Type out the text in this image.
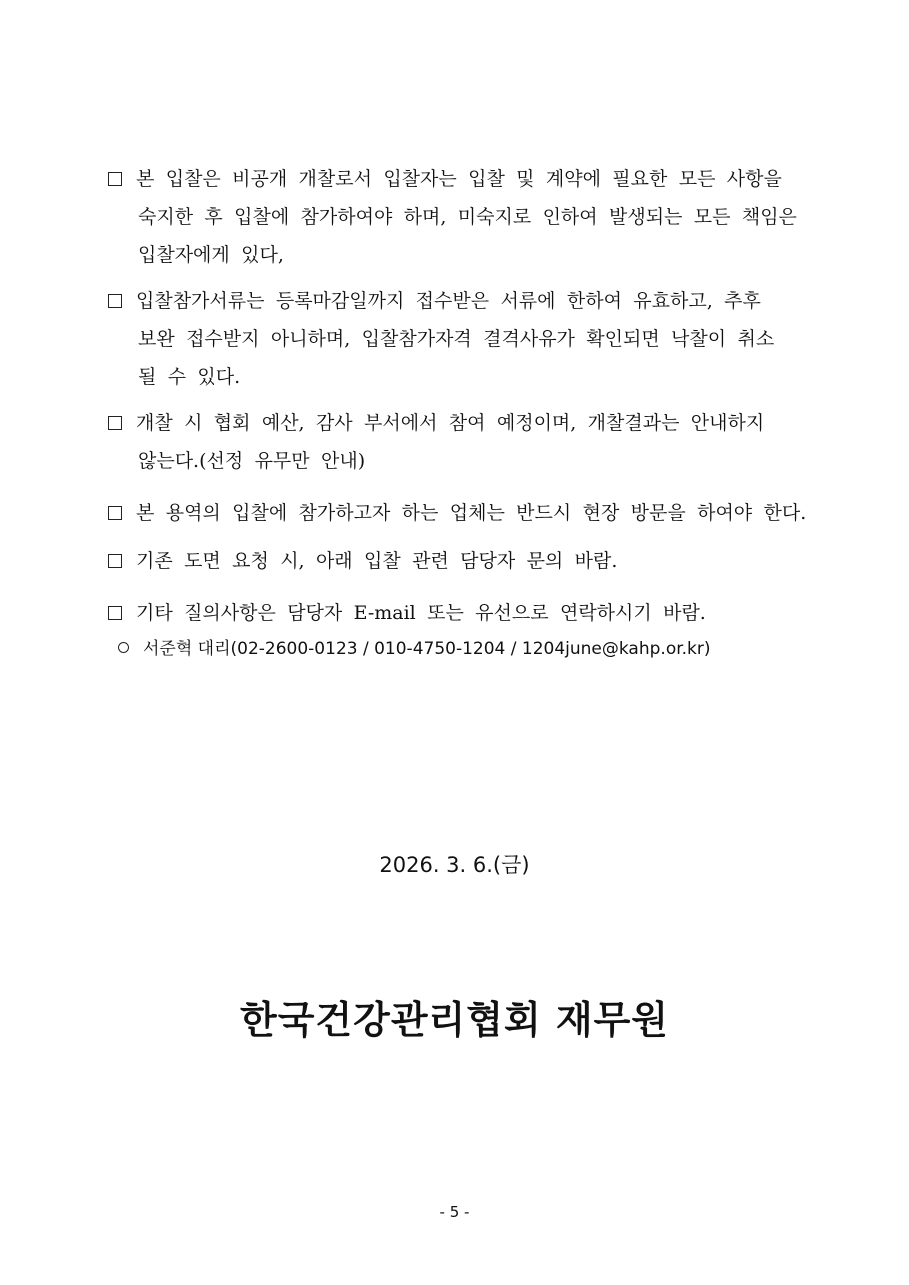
본 입찰은 비공개 개찰로서 입찰자는 입찰 및 계약에 필요한 모든 사항을
숙지한 후 입찰에 참가하여야 하며, 미숙지로 인하여 발생되는 모든 책임은
입찰자에게 있다,
입찰참가서류는 등록마감일까지 접수받은 서류에 한하여 유효하고, 추후
보완 접수받지 아니하며, 입찰참가자격 결격사유가 확인되면 낙찰이 취소
될 수 있다.
개찰 시 협회 예산, 감사 부서에서 참여 예정이며, 개찰결과는 안내하지
않는다.(선정 유무만 안내)
본 용역의 입찰에 참가하고자 하는 업체는 반드시 현장 방문을 하여야 한다.
기존 도면 요청 시, 아래 입찰 관련 담당자 문의 바람.
기타 질의사항은 담당자 E-mail 또는 유선으로 연락하시기 바람.
서준혁 대리(02-2600-0123 / 010-4750-1204 / 1204june@kahp.or.kr)
2026. 3. 6.(금)
한국건강관리협회 재무원
- 5 -
